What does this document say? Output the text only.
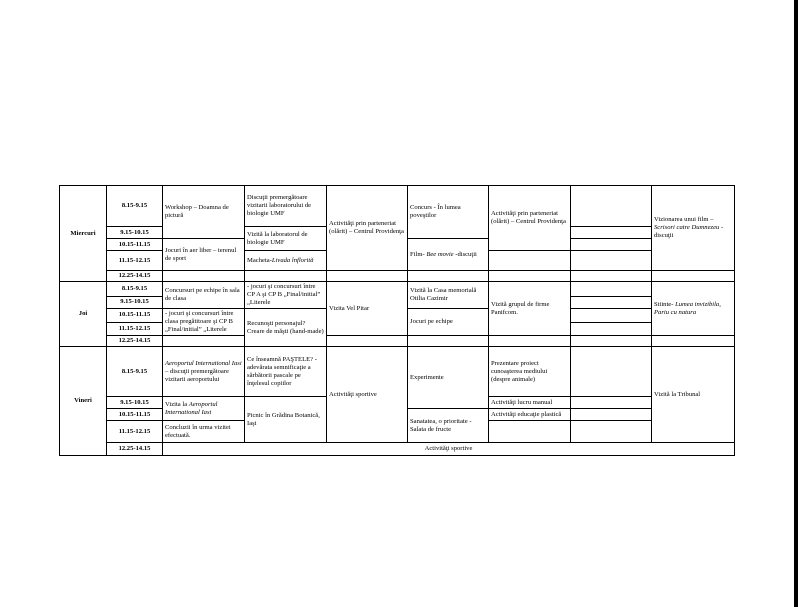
Miercuri	8.15-9.15	Workshop – Doamna de pictură	Discuţii premergătoare vizitarii laboratorului de biologie UMF	Activităţi prin parteneriat (olărit) – Centrul Providenţa	Concurs - În lumea poveştilor	Activităţi prin parteneriat (olărit) – Centrul Providenţa		Vizionarea unui film – Scrisori catre Dumnezeu - discuţii
	9.15-10.15		Vizită la laboratorul de biologie UMF					
	10.15-11.15	Jocuri în aer liber – terenul de sport			Film- Bee movie -discuţii			
	11.15-12.15		Macheta-Livada înflorită					
	12.25-14.15							
Joi	8.15-9.15	Concursuri pe echipe în sala de clasa	- jocuri şi concursuri între CP A şi CP B „Final/initial” „Literele	Vizita Vel Pitar	Vizită la Casa memorială Otilia Cazimir	Vizită grupul de firme Panifcom.		Stiinte- Lumea invizibila, Pariu cu natura
	9.15-10.15							
	10.15-11.15	- jocuri şi concursuri între clasa pregătitoare şi CP B „Final/initial” „Literele	Recunoşti personajul? Creare de măşti (hand-made)		Jocuri pe echipe			
	11.15-12.15							
	12.25-14.15							
Vineri	8.15-9.15	Aeroportul International Iasi – discuţii premergătoare vizitarii aeroportului	Ce înseamnă PAŞTELE? - adevărata semnificaţie a sărbătorii pascale pe înţelesul copiilor	Activităţi sportive	Experimente	Prezentare proiect cunoaşterea mediului (despre animale)		Vizită la Tribunal
	9.15-10.15	Vizita la Aeroportul International Iasi	Picnic în Grădina Botanică, Iaşi			Activităţi lucru manual		
	10.15-11.15				Sanatatea, o prioritate - Salata de fructe	Activităţi educaţie plastică		
	11.15-12.15	Concluzii în urma vizitei efectuată.						
	12.25-14.15	Activităţi sportive						
